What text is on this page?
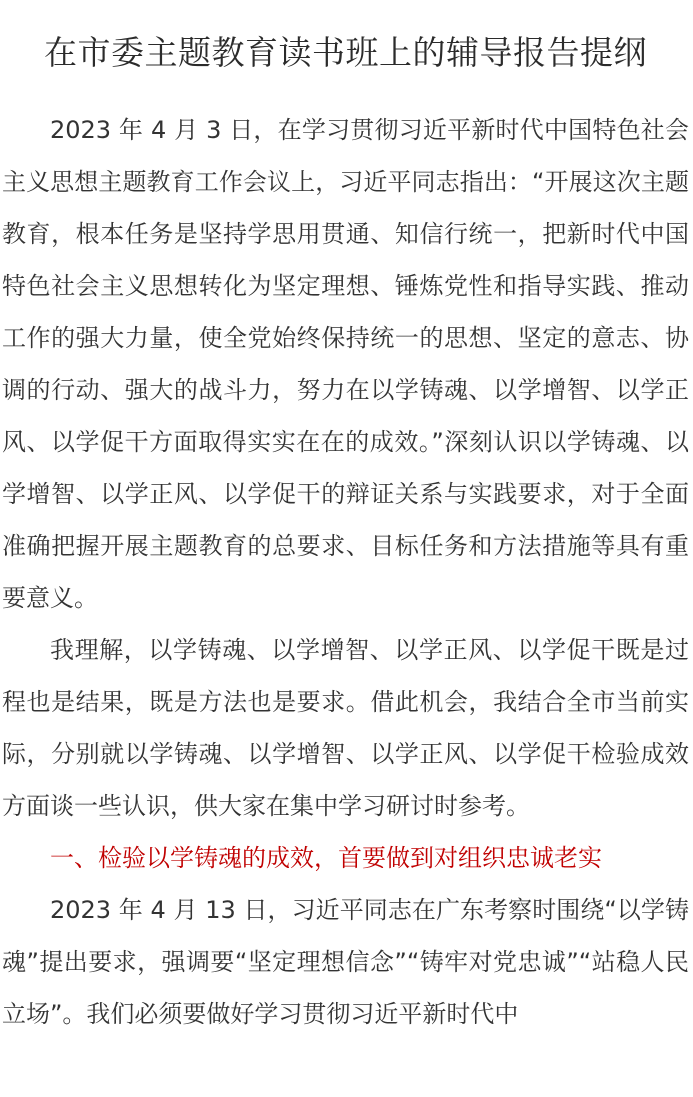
在市委主题教育读书班上的辅导报告提纲

2023 年 4 月 3 日，在学习贯彻习近平新时代中国特色社会主义思想主题教育工作会议上，习近平同志指出：“开展这次主题教育，根本任务是坚持学思用贯通、知信行统一，把新时代中国特色社会主义思想转化为坚定理想、锤炼党性和指导实践、推动工作的强大力量，使全党始终保持统一的思想、坚定的意志、协调的行动、强大的战斗力，努力在以学铸魂、以学增智、以学正风、以学促干方面取得实实在在的成效。”深刻认识以学铸魂、以学增智、以学正风、以学促干的辩证关系与实践要求，对于全面准确把握开展主题教育的总要求、目标任务和方法措施等具有重要意义。

我理解，以学铸魂、以学增智、以学正风、以学促干既是过程也是结果，既是方法也是要求。借此机会，我结合全市当前实际，分别就以学铸魂、以学增智、以学正风、以学促干检验成效方面谈一些认识，供大家在集中学习研讨时参考。

一、检验以学铸魂的成效，首要做到对组织忠诚老实

2023 年 4 月 13 日，习近平同志在广东考察时围绕“以学铸魂”提出要求，强调要“坚定理想信念”“铸牢对党忠诚”“站稳人民立场”。我们必须要做好学习贯彻习近平新时代中
